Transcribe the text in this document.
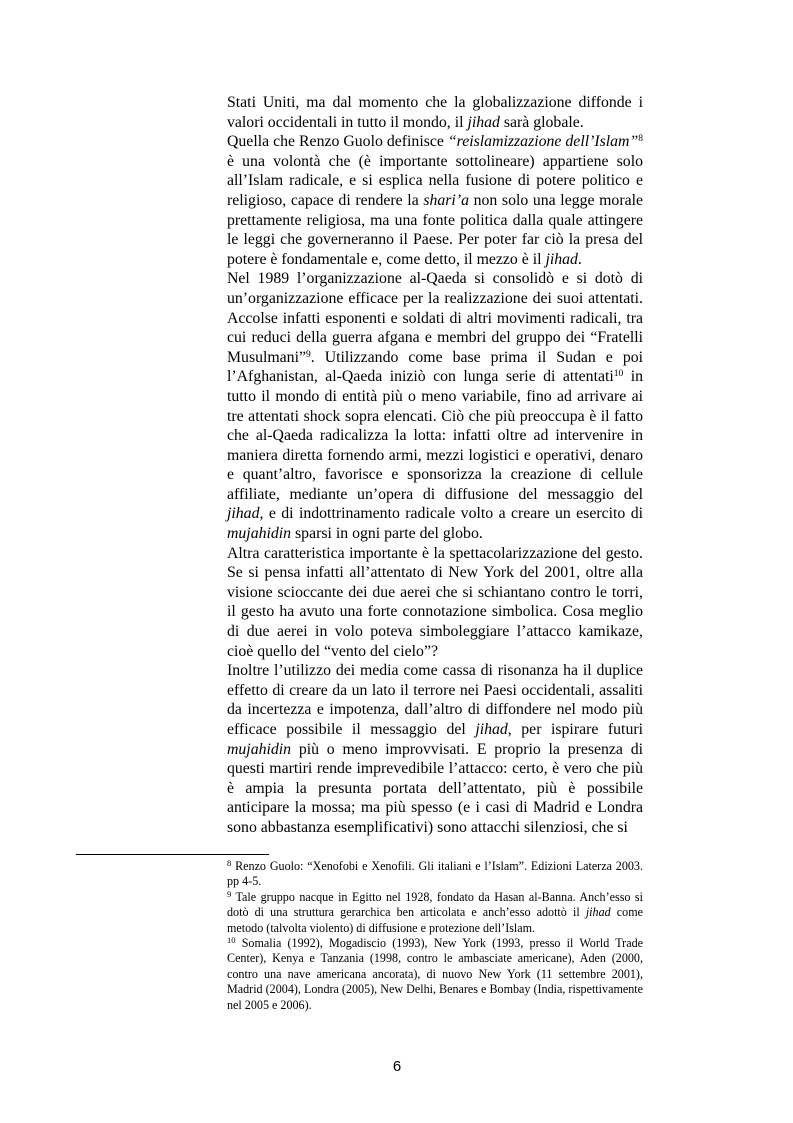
Stati Uniti, ma dal momento che la globalizzazione diffonde i valori occidentali in tutto il mondo, il jihad sarà globale.

Quella che Renzo Guolo definisce “reislamizzazione dell’Islam”$^8$ è una volontà che (è importante sottolineare) appartiene solo all’Islam radicale, e si esplica nella fusione di potere politico e religioso, capace di rendere la shari’a non solo una legge morale prettamente religiosa, ma una fonte politica dalla quale attingere le leggi che governeranno il Paese. Per poter far ciò la presa del potere è fondamentale e, come detto, il mezzo è il jihad.

Nel 1989 l’organizzazione al-Qaeda si consolidò e si dotò di un’organizzazione efficace per la realizzazione dei suoi attentati. Accolse infatti esponenti e soldati di altri movimenti radicali, tra cui reduci della guerra afgana e membri del gruppo dei “Fratelli Musulmani”$^9$. Utilizzando come base prima il Sudan e poi l’Afghanistan, al-Qaeda iniziò con lunga serie di attentati$^{10}$ in tutto il mondo di entità più o meno variabile, fino ad arrivare ai tre attentati shock sopra elencati. Ciò che più preoccupa è il fatto che al-Qaeda radicalizza la lotta: infatti oltre ad intervenire in maniera diretta fornendo armi, mezzi logistici e operativi, denaro e quant’altro, favorisce e sponsorizza la creazione di cellule affiliate, mediante un’opera di diffusione del messaggio del jihad, e di indottrinamento radicale volto a creare un esercito di mujahidin sparsi in ogni parte del globo.

Altra caratteristica importante è la spettacolarizzazione del gesto. Se si pensa infatti all’attentato di New York del 2001, oltre alla visione scioccante dei due aerei che si schiantano contro le torri, il gesto ha avuto una forte connotazione simbolica. Cosa meglio di due aerei in volo poteva simboleggiare l’attacco kamikaze, cioè quello del “vento del cielo”?

Inoltre l’utilizzo dei media come cassa di risonanza ha il duplice effetto di creare da un lato il terrore nei Paesi occidentali, assaliti da incertezza e impotenza, dall’altro di diffondere nel modo più efficace possibile il messaggio del jihad, per ispirare futuri mujahidin più o meno improvvisati. E proprio la presenza di questi martiri rende imprevedibile l’attacco: certo, è vero che più è ampia la presunta portata dell’attentato, più è possibile anticipare la mossa; ma più spesso (e i casi di Madrid e Londra sono abbastanza esemplificativi) sono attacchi silenziosi, che si

$^8$ Renzo Guolo: “Xenofobi e Xenofili. Gli italiani e l’Islam”. Edizioni Laterza 2003. pp 4-5.

$^9$ Tale gruppo nacque in Egitto nel 1928, fondato da Hasan al-Banna. Anch’esso si dotò di una struttura gerarchica ben articolata e anch’esso adottò il jihad come metodo (talvolta violento) di diffusione e protezione dell’Islam.

$^{10}$ Somalia (1992), Mogadiscio (1993), New York (1993, presso il World Trade Center), Kenya e Tanzania (1998, contro le ambasciate americane), Aden (2000, contro una nave americana ancorata), di nuovo New York (11 settembre 2001), Madrid (2004), Londra (2005), New Delhi, Benares e Bombay (India, rispettivamente nel 2005 e 2006).

6
